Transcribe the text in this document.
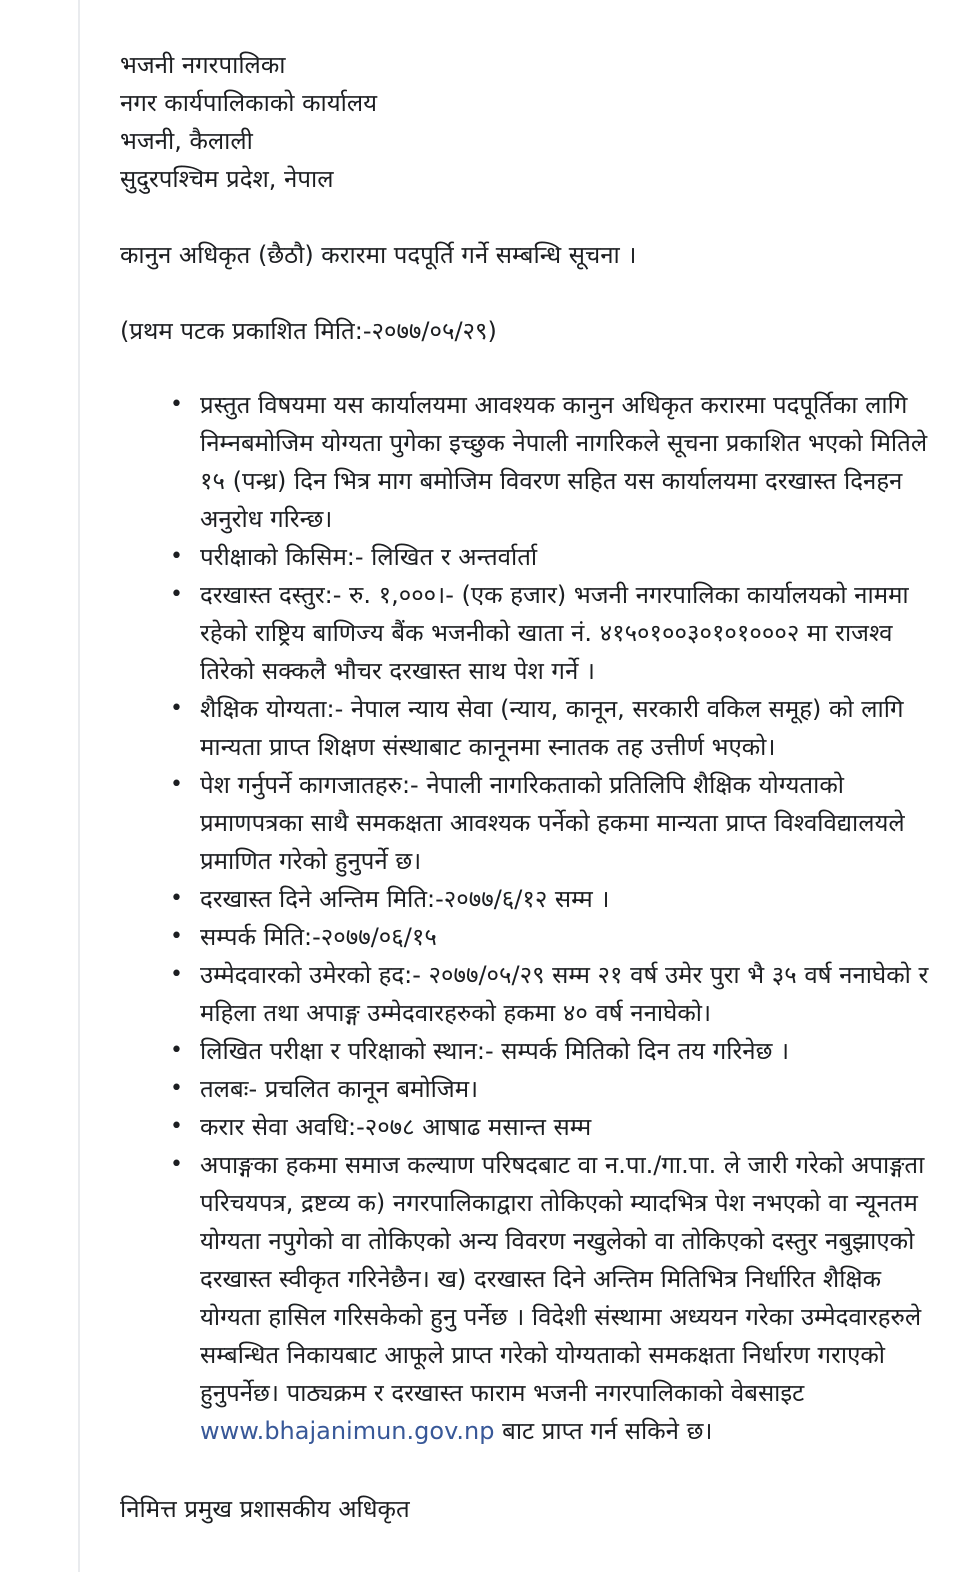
भजनी नगरपालिका
नगर कार्यपालिकाको कार्यालय
भजनी, कैलाली
सुदुरपश्चिम प्रदेश, नेपाल
कानुन अधिकृत (छैठौ) करारमा पदपूर्ति गर्ने सम्बन्धि सूचना ।
(प्रथम पटक प्रकाशित मिति:-२०७७/०५/२९)
• प्रस्तुत विषयमा यस कार्यालयमा आवश्यक कानुन अधिकृत करारमा पदपूर्तिका लागि निम्नबमोजिम योग्यता पुगेका इच्छुक नेपाली नागरिकले सूचना प्रकाशित भएको मितिले १५ (पन्ध्र) दिन भित्र माग बमोजिम विवरण सहित यस कार्यालयमा दरखास्त दिनहन अनुरोध गरिन्छ।
• परीक्षाको किसिम:- लिखित र अन्तर्वार्ता
• दरखास्त दस्तुर:- रु. १,०००।- (एक हजार) भजनी नगरपालिका कार्यालयको नाममा रहेको राष्ट्रिय बाणिज्य बैंक भजनीको खाता नं. ४१५०१००३०१०१०००२ मा राजश्व तिरेको सक्कलै भौचर दरखास्त साथ पेश गर्ने ।
• शैक्षिक योग्यता:- नेपाल न्याय सेवा (न्याय, कानून, सरकारी वकिल समूह) को लागि मान्यता प्राप्त शिक्षण संस्थाबाट कानूनमा स्नातक तह उत्तीर्ण भएको।
• पेश गर्नुपर्ने कागजातहरु:- नेपाली नागरिकताको प्रतिलिपि शैक्षिक योग्यताको प्रमाणपत्रका साथै समकक्षता आवश्यक पर्नेको हकमा मान्यता प्राप्त विश्वविद्यालयले प्रमाणित गरेको हुनुपर्ने छ।
• दरखास्त दिने अन्तिम मिति:-२०७७/६/१२ सम्म ।
• सम्पर्क मिति:-२०७७/०६/१५
• उम्मेदवारको उमेरको हद:- २०७७/०५/२९ सम्म २१ वर्ष उमेर पुरा भै ३५ वर्ष ननाघेको र महिला तथा अपाङ्ग उम्मेदवारहरुको हकमा ४० वर्ष ननाघेको।
• लिखित परीक्षा र परिक्षाको स्थान:- सम्पर्क मितिको दिन तय गरिनेछ ।
• तलबः- प्रचलित कानून बमोजिम।
• करार सेवा अवधि:-२०७८ आषाढ मसान्त सम्म
• अपाङ्गका हकमा समाज कल्याण परिषदबाट वा न.पा./गा.पा. ले जारी गरेको अपाङ्गता परिचयपत्र, द्रष्टव्य क) नगरपालिकाद्वारा तोकिएको म्यादभित्र पेश नभएको वा न्यूनतम योग्यता नपुगेको वा तोकिएको अन्य विवरण नखुलेको वा तोकिएको दस्तुर नबुझाएको दरखास्त स्वीकृत गरिनेछैन। ख) दरखास्त दिने अन्तिम मितिभित्र निर्धारित शैक्षिक योग्यता हासिल गरिसकेको हुनु पर्नेछ । विदेशी संस्थामा अध्ययन गरेका उम्मेदवारहरुले सम्बन्धित निकायबाट आफूले प्राप्त गरेको योग्यताको समकक्षता निर्धारण गराएको हुनुपर्नेछ। पाठ्यक्रम र दरखास्त फाराम भजनी नगरपालिकाको वेबसाइट www.bhajanimun.gov.np बाट प्राप्त गर्न सकिने छ।
निमित्त प्रमुख प्रशासकीय अधिकृत
